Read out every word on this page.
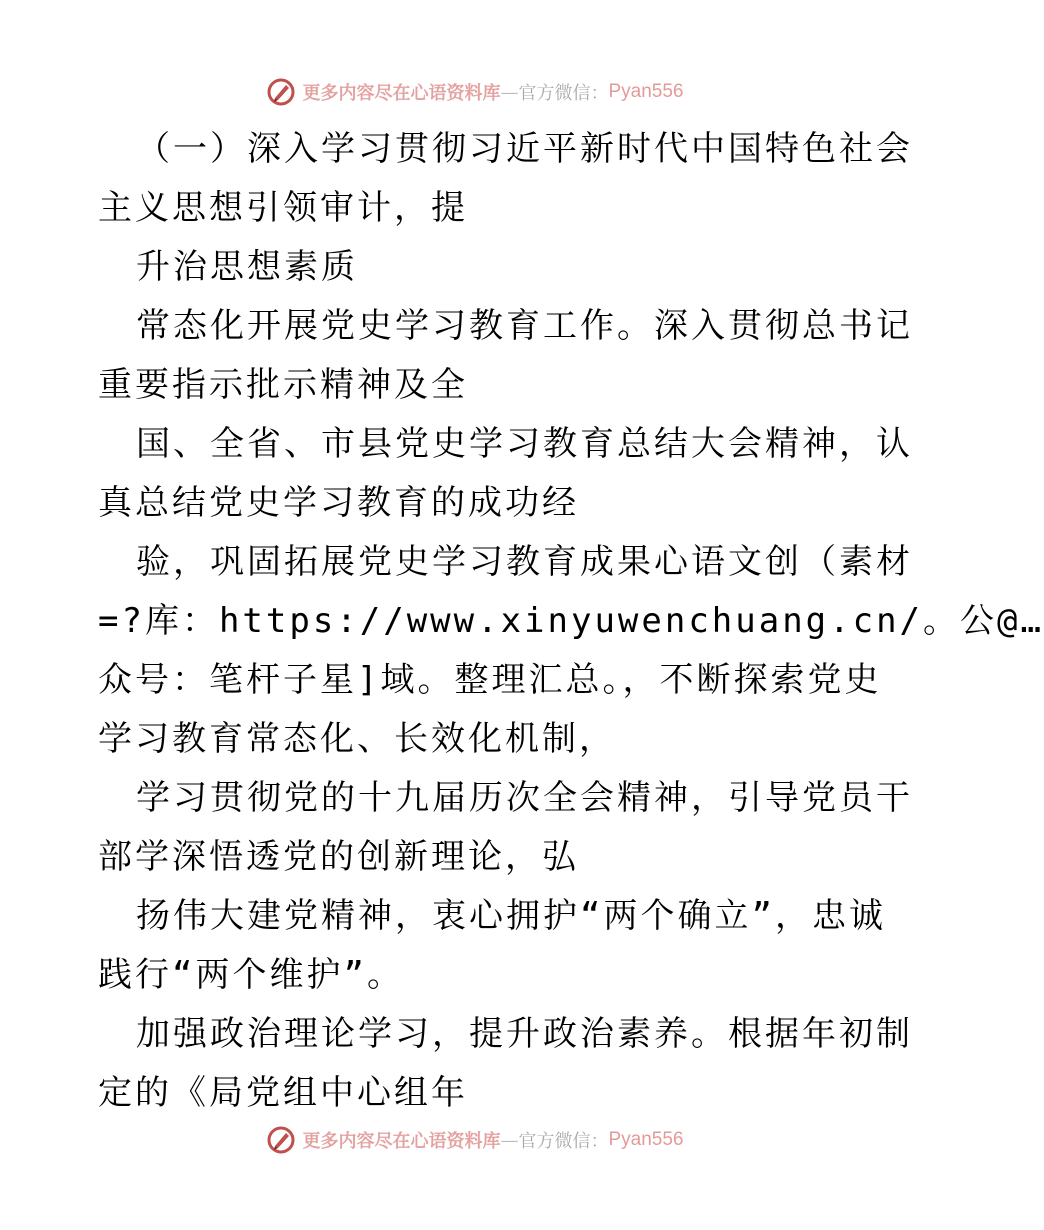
更多内容尽在心语资料库 — 官方微信： Pyan556
（一）深入学习贯彻习近平新时代中国特色社会
主义思想引领审计，提
升治思想素质
常态化开展党史学习教育工作。深入贯彻总书记
重要指示批示精神及全
国、全省、市县党史学习教育总结大会精神，认
真总结党史学习教育的成功经
验，巩固拓展党史学习教育成果心语文创（素材
=?库：https://www.xinyuwenchuang.cn/。公@…
众号：笔杆子星]域。整理汇总。，不断探索党史
学习教育常态化、长效化机制，
学习贯彻党的十九届历次全会精神，引导党员干
部学深悟透党的创新理论，弘
扬伟大建党精神，衷心拥护“两个确立”，忠诚
践行“两个维护”。
加强政治理论学习，提升政治素养。根据年初制
定的《局党组中心组年
更多内容尽在心语资料库 — 官方微信： Pyan556
